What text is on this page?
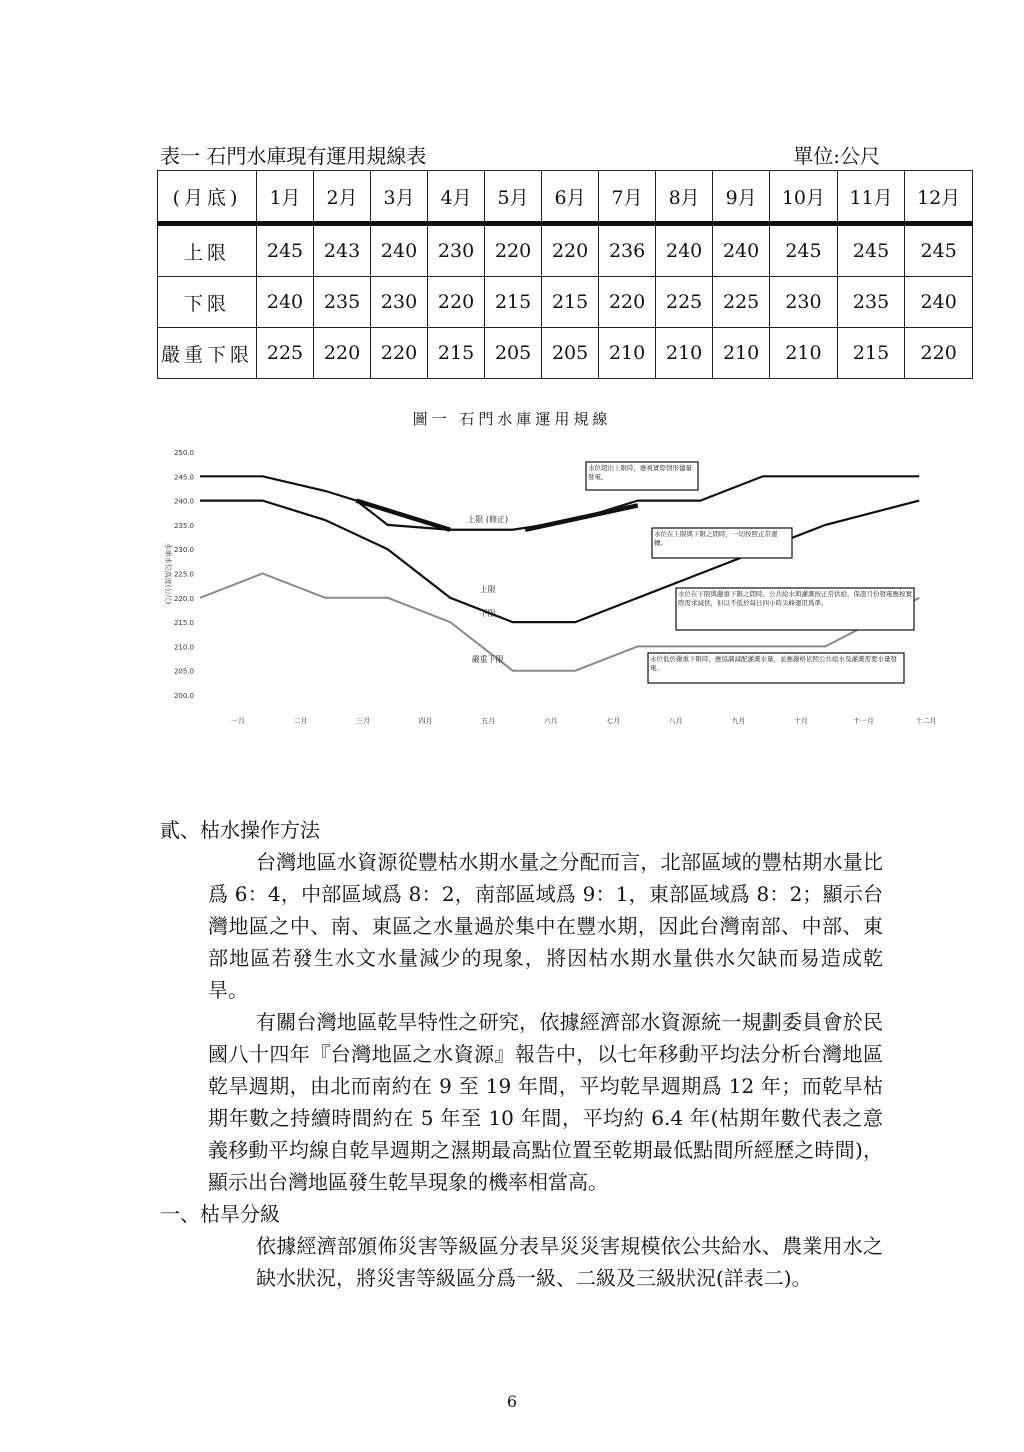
表一 石門水庫現有運用規線表	單位:公尺
(月底)	1月	2月	3月	4月	5月	6月	7月	8月	9月	10月	11月	12月
上限	245	243	240	230	220	220	236	240	240	245	245	245
下限	240	235	230	220	215	215	220	225	225	230	235	240
嚴重下限	225	220	220	215	205	205	210	210	210	210	215	220
圖一 石門水庫運用規線
250.0
245.0
240.0
235.0
230.0
225.0
220.0
215.0
210.0
205.0
200.0
水庫水位高度(公尺)
一月	二月	三月	四月	五月	六月	七月	八月	九月	十月	十一月	十二月
上限 (修正)
上限
下限
嚴重下限
水位超出上限時，應視實際情形儘量發電。
水位在上限與下限之間時，一切按照正常運轉。
水位在下限與嚴重下限之間時，公共給水與灌溉按正常供給，保證月份發電應按實際需求減供，但以不低於每日四小時尖峰運用爲準。
水位低於嚴重下限時，應協調減配灌溉水量，並應嚴格依照公共給水及灌溉需要水量發電。
貳、枯水操作方法
台灣地區水資源從豐枯水期水量之分配而言，北部區域的豐枯期水量比爲 6：4，中部區域爲 8：2，南部區域爲 9：1，東部區域爲 8：2；顯示台灣地區之中、南、東區之水量過於集中在豐水期，因此台灣南部、中部、東部地區若發生水文水量減少的現象，將因枯水期水量供水欠缺而易造成乾旱。
有關台灣地區乾旱特性之研究，依據經濟部水資源統一規劃委員會於民國八十四年『台灣地區之水資源』報告中，以七年移動平均法分析台灣地區乾旱週期，由北而南約在 9 至 19 年間，平均乾旱週期爲 12 年；而乾旱枯期年數之持續時間約在 5 年至 10 年間，平均約 6.4 年(枯期年數代表之意義移動平均線自乾旱週期之濕期最高點位置至乾期最低點間所經歷之時間)，顯示出台灣地區發生乾旱現象的機率相當高。
一、枯旱分級
依據經濟部頒佈災害等級區分表旱災災害規模依公共給水、農業用水之缺水狀況，將災害等級區分爲一級、二級及三級狀況(詳表二)。
6
